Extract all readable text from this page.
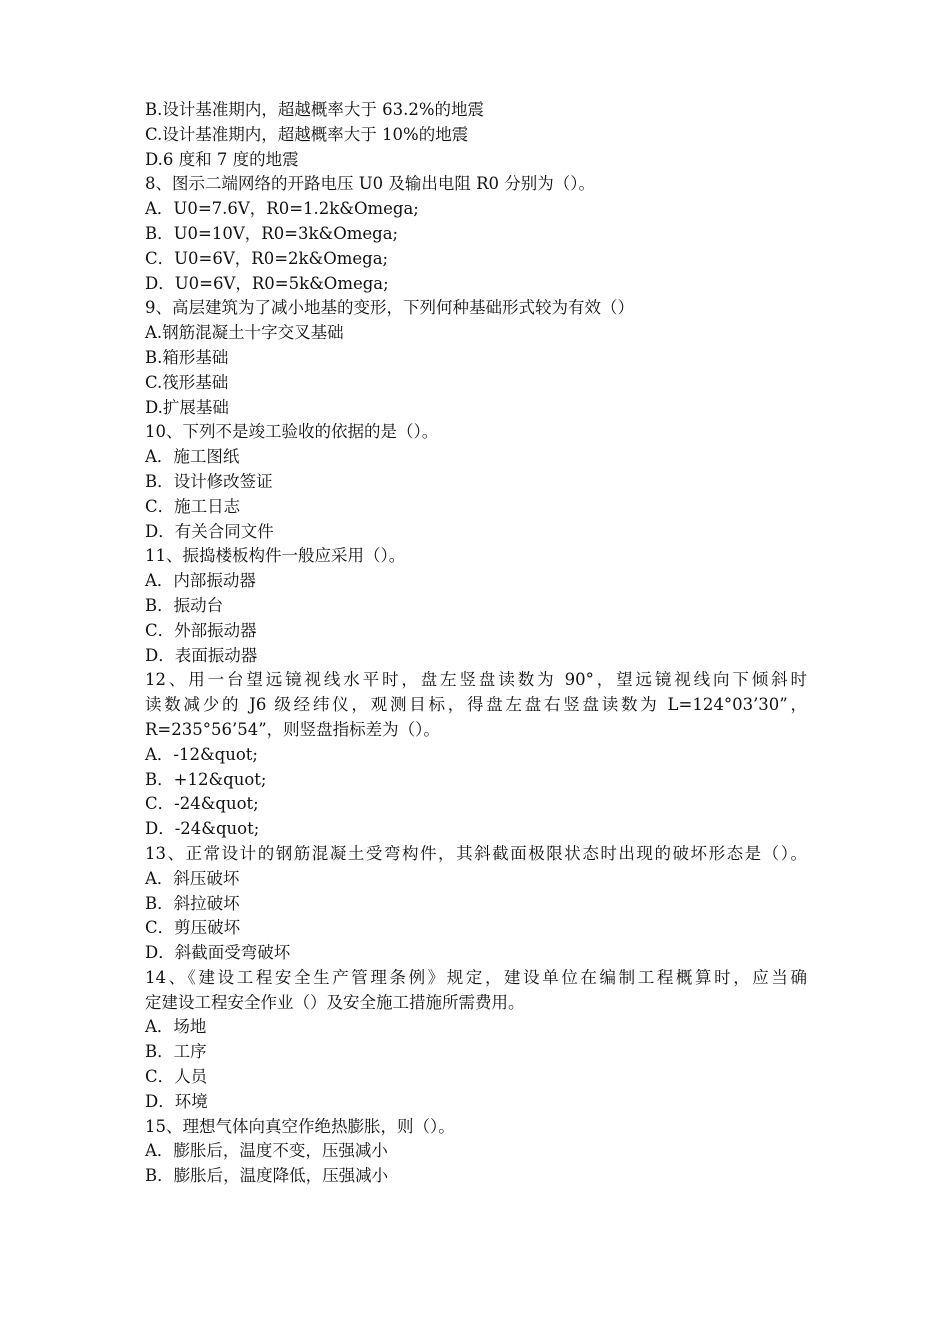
B.设计基准期内，超越概率大于 63.2%的地震
C.设计基准期内，超越概率大于 10%的地震
D.6 度和 7 度的地震
8、图示二端网络的开路电压 U0 及输出电阻 R0 分别为（）。
A．U0=7.6V，R0=1.2k&Omega;
B．U0=10V，R0=3k&Omega;
C．U0=6V，R0=2k&Omega;
D．U0=6V，R0=5k&Omega;
9、高层建筑为了减小地基的变形，下列何种基础形式较为有效（）
A.钢筋混凝土十字交叉基础
B.箱形基础
C.筏形基础
D.扩展基础
10、下列不是竣工验收的依据的是（）。
A．施工图纸
B．设计修改签证
C．施工日志
D．有关合同文件
11、振捣楼板构件一般应采用（）。
A．内部振动器
B．振动台
C．外部振动器
D．表面振动器
12、用一台望远镜视线水平时，盘左竖盘读数为 90°，望远镜视线向下倾斜时
读数减少的 J6 级经纬仪，观测目标，得盘左盘右竖盘读数为 L=124°03’30”，
R=235°56’54”，则竖盘指标差为（）。
A．-12&quot;
B．+12&quot;
C．-24&quot;
D．-24&quot;
13、正常设计的钢筋混凝土受弯构件，其斜截面极限状态时出现的破坏形态是（）。
A．斜压破坏
B．斜拉破坏
C．剪压破坏
D．斜截面受弯破坏
14、《建设工程安全生产管理条例》规定，建设单位在编制工程概算时，应当确
定建设工程安全作业（）及安全施工措施所需费用。
A．场地
B．工序
C．人员
D．环境
15、理想气体向真空作绝热膨胀，则（）。
A．膨胀后，温度不变，压强减小
B．膨胀后，温度降低，压强减小
